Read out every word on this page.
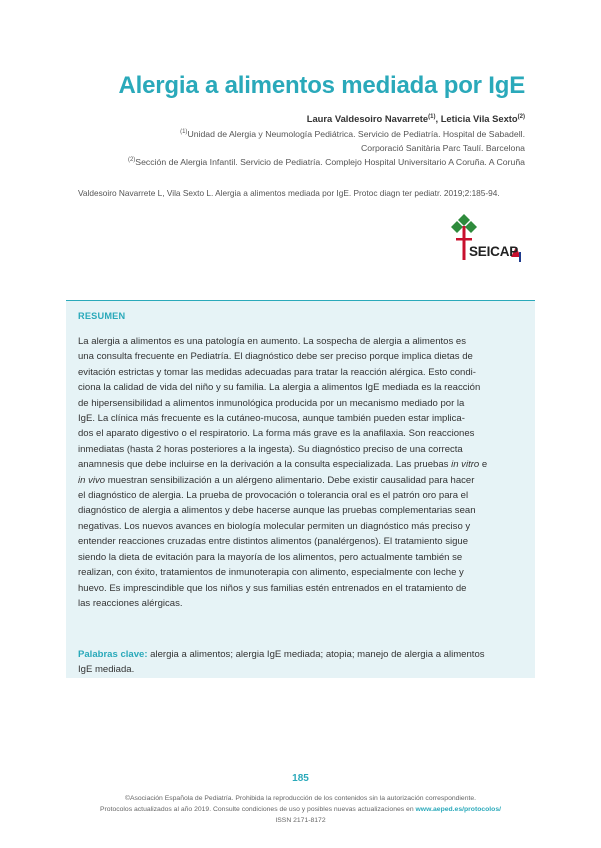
Alergia a alimentos mediada por IgE
Laura Valdesoiro Navarrete$^{(1)}$, Leticia Vila Sexto$^{(2)}$
$^{(1)}$Unidad de Alergia y Neumología Pediátrica. Servicio de Pediatría. Hospital de Sabadell.
Corporació Sanitària Parc Taulí. Barcelona
$^{(2)}$Sección de Alergia Infantil. Servicio de Pediatría. Complejo Hospital Universitario A Coruña. A Coruña
Valdesoiro Navarrete L, Vila Sexto L. Alergia a alimentos mediada por IgE. Protoc diagn ter pediatr. 2019;2:185-94.
SEICAP
RESUMEN
La alergia a alimentos es una patología en aumento. La sospecha de alergia a alimentos es
una consulta frecuente en Pediatría. El diagnóstico debe ser preciso porque implica dietas de
evitación estrictas y tomar las medidas adecuadas para tratar la reacción alérgica. Esto condi-
ciona la calidad de vida del niño y su familia. La alergia a alimentos IgE mediada es la reacción
de hipersensibilidad a alimentos inmunológica producida por un mecanismo mediado por la
IgE. La clínica más frecuente es la cutáneo-mucosa, aunque también pueden estar implica-
dos el aparato digestivo o el respiratorio. La forma más grave es la anafilaxia. Son reacciones
inmediatas (hasta 2 horas posteriores a la ingesta). Su diagnóstico preciso de una correcta
anamnesis que debe incluirse en la derivación a la consulta especializada. Las pruebas in vitro e
in vivo muestran sensibilización a un alérgeno alimentario. Debe existir causalidad para hacer
el diagnóstico de alergia. La prueba de provocación o tolerancia oral es el patrón oro para el
diagnóstico de alergia a alimentos y debe hacerse aunque las pruebas complementarias sean
negativas. Los nuevos avances en biología molecular permiten un diagnóstico más preciso y
entender reacciones cruzadas entre distintos alimentos (panalérgenos). El tratamiento sigue
siendo la dieta de evitación para la mayoría de los alimentos, pero actualmente también se
realizan, con éxito, tratamientos de inmunoterapia con alimento, especialmente con leche y
huevo. Es imprescindible que los niños y sus familias estén entrenados en el tratamiento de
las reacciones alérgicas.
Palabras clave: alergia a alimentos; alergia IgE mediada; atopia; manejo de alergia a alimentos
IgE mediada.
185
©Asociación Española de Pediatría. Prohibida la reproducción de los contenidos sin la autorización correspondiente.
Protocolos actualizados al año 2019. Consulte condiciones de uso y posibles nuevas actualizaciones en www.aeped.es/protocolos/
ISSN 2171-8172
